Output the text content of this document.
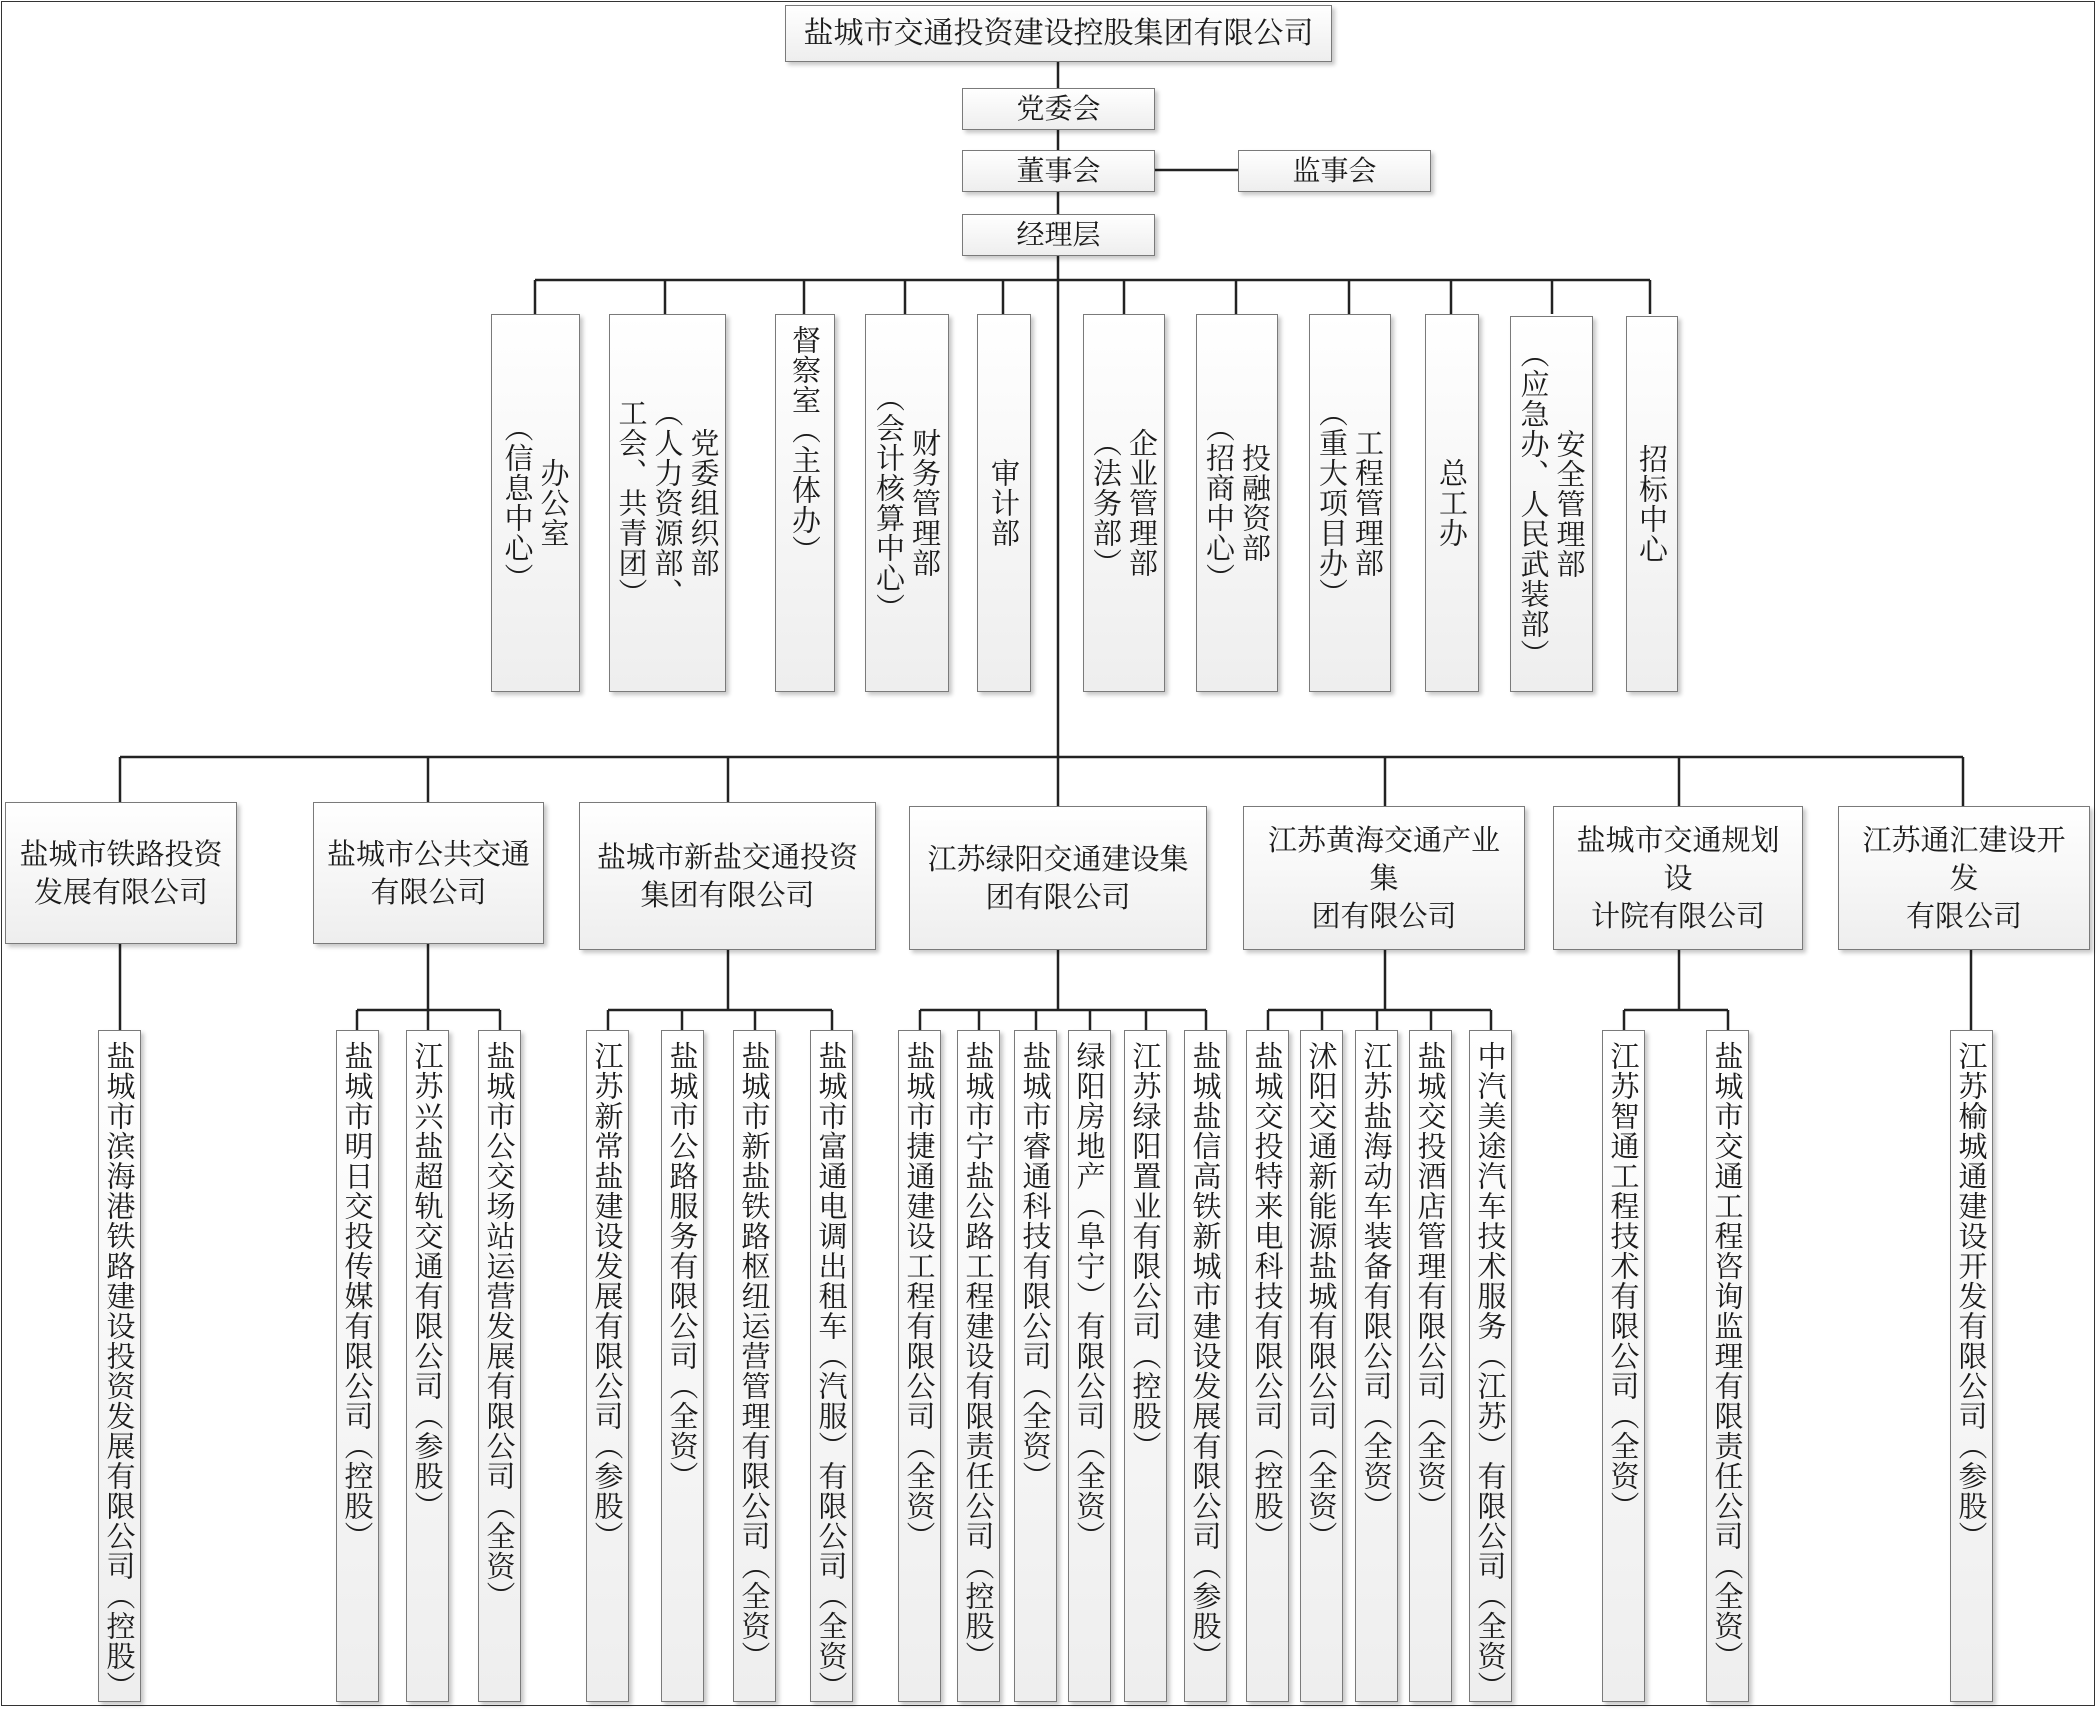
盐城市交通投资建设控股集团有限公司
党委会
董事会	监事会
经理层
办公室
（信息中心）	党委组织部
（人力资源部、
工会、共青团）	督察室（主体办）	财务管理部
（会计核算中心）	审计部	企业管理部
（法务部）	投融资部
（招商中心）	工程管理部
（重大项目办）	总工办	安全管理部
（应急办、人民武装部）	招标中心
盐城市铁路投资
发展有限公司
盐城市公共交通
有限公司
盐城市新盐交通投资
集团有限公司
江苏绿阳交通建设集
团有限公司
江苏黄海交通产业集
团有限公司
盐城市交通规划设
计院有限公司
江苏通汇建设开发
有限公司
盐城市滨海港铁路建设投资发展有限公司（控股）	盐城市明日交投传媒有限公司（控股） 江苏兴盐超轨交通有限公司（参股） 盐城市公交场站运营发展有限公司（全资）	江苏新常盐建设发展有限公司（参股） 盐城市公路服务有限公司（全资） 盐城市新盐铁路枢纽运营管理有限公司（全资） 盐城市富通电调出租车（汽服）有限公司（全资） 盐城市捷通建设工程有限公司（全资） 盐城市宁盐公路工程建设有限责任公司（控股） 盐城市睿通科技有限公司（全资） 绿阳房地产（阜宁）有限公司（全资） 江苏绿阳置业有限公司（控股） 盐城盐信高铁新城市建设发展有限公司（参股） 盐城交投特来电科技有限公司（控股） 沭阳交通新能源盐城有限公司（全资） 江苏盐海动车装备有限公司（全资） 盐城交投酒店管理有限公司（全资） 中汽美途汽车技术服务（江苏）有限公司（全资）	江苏智通工程技术有限公司（全资） 盐城市交通工程咨询监理有限责任公司（全资）	江苏榆城通建设开发有限公司（参股）
